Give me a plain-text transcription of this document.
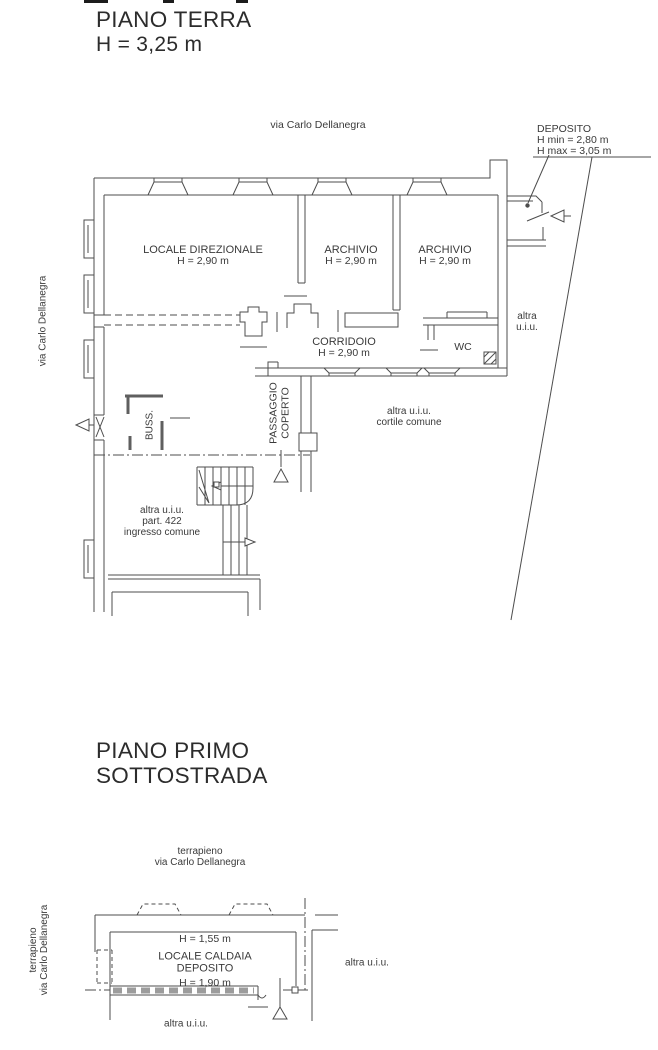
PIANO TERRA
H = 3,25 m
via Carlo Dellanegra	DEPOSITO
H min = 2,80 m
H max = 3,05 m
LOCALE DIREZIONALE
H = 2,90 m
ARCHIVIO
H = 2,90 m
ARCHIVIO
H = 2,90 m
CORRIDOIO
H = 2,90 m
WC
altra
u.i.u.
altra u.i.u.
cortile comune
altra u.i.u.
part. 422
ingresso comune
via Carlo Dellanegra
PASSAGGIO COPERTO
BUSS.
PIANO PRIMO
SOTTOSTRADA
terrapieno
via Carlo Dellanegra
terrapieno via Carlo Dellanegra	H = 1,55 m
LOCALE CALDAIA
DEPOSITO
H = 1,90 m
altra u.i.u.
altra u.i.u.
